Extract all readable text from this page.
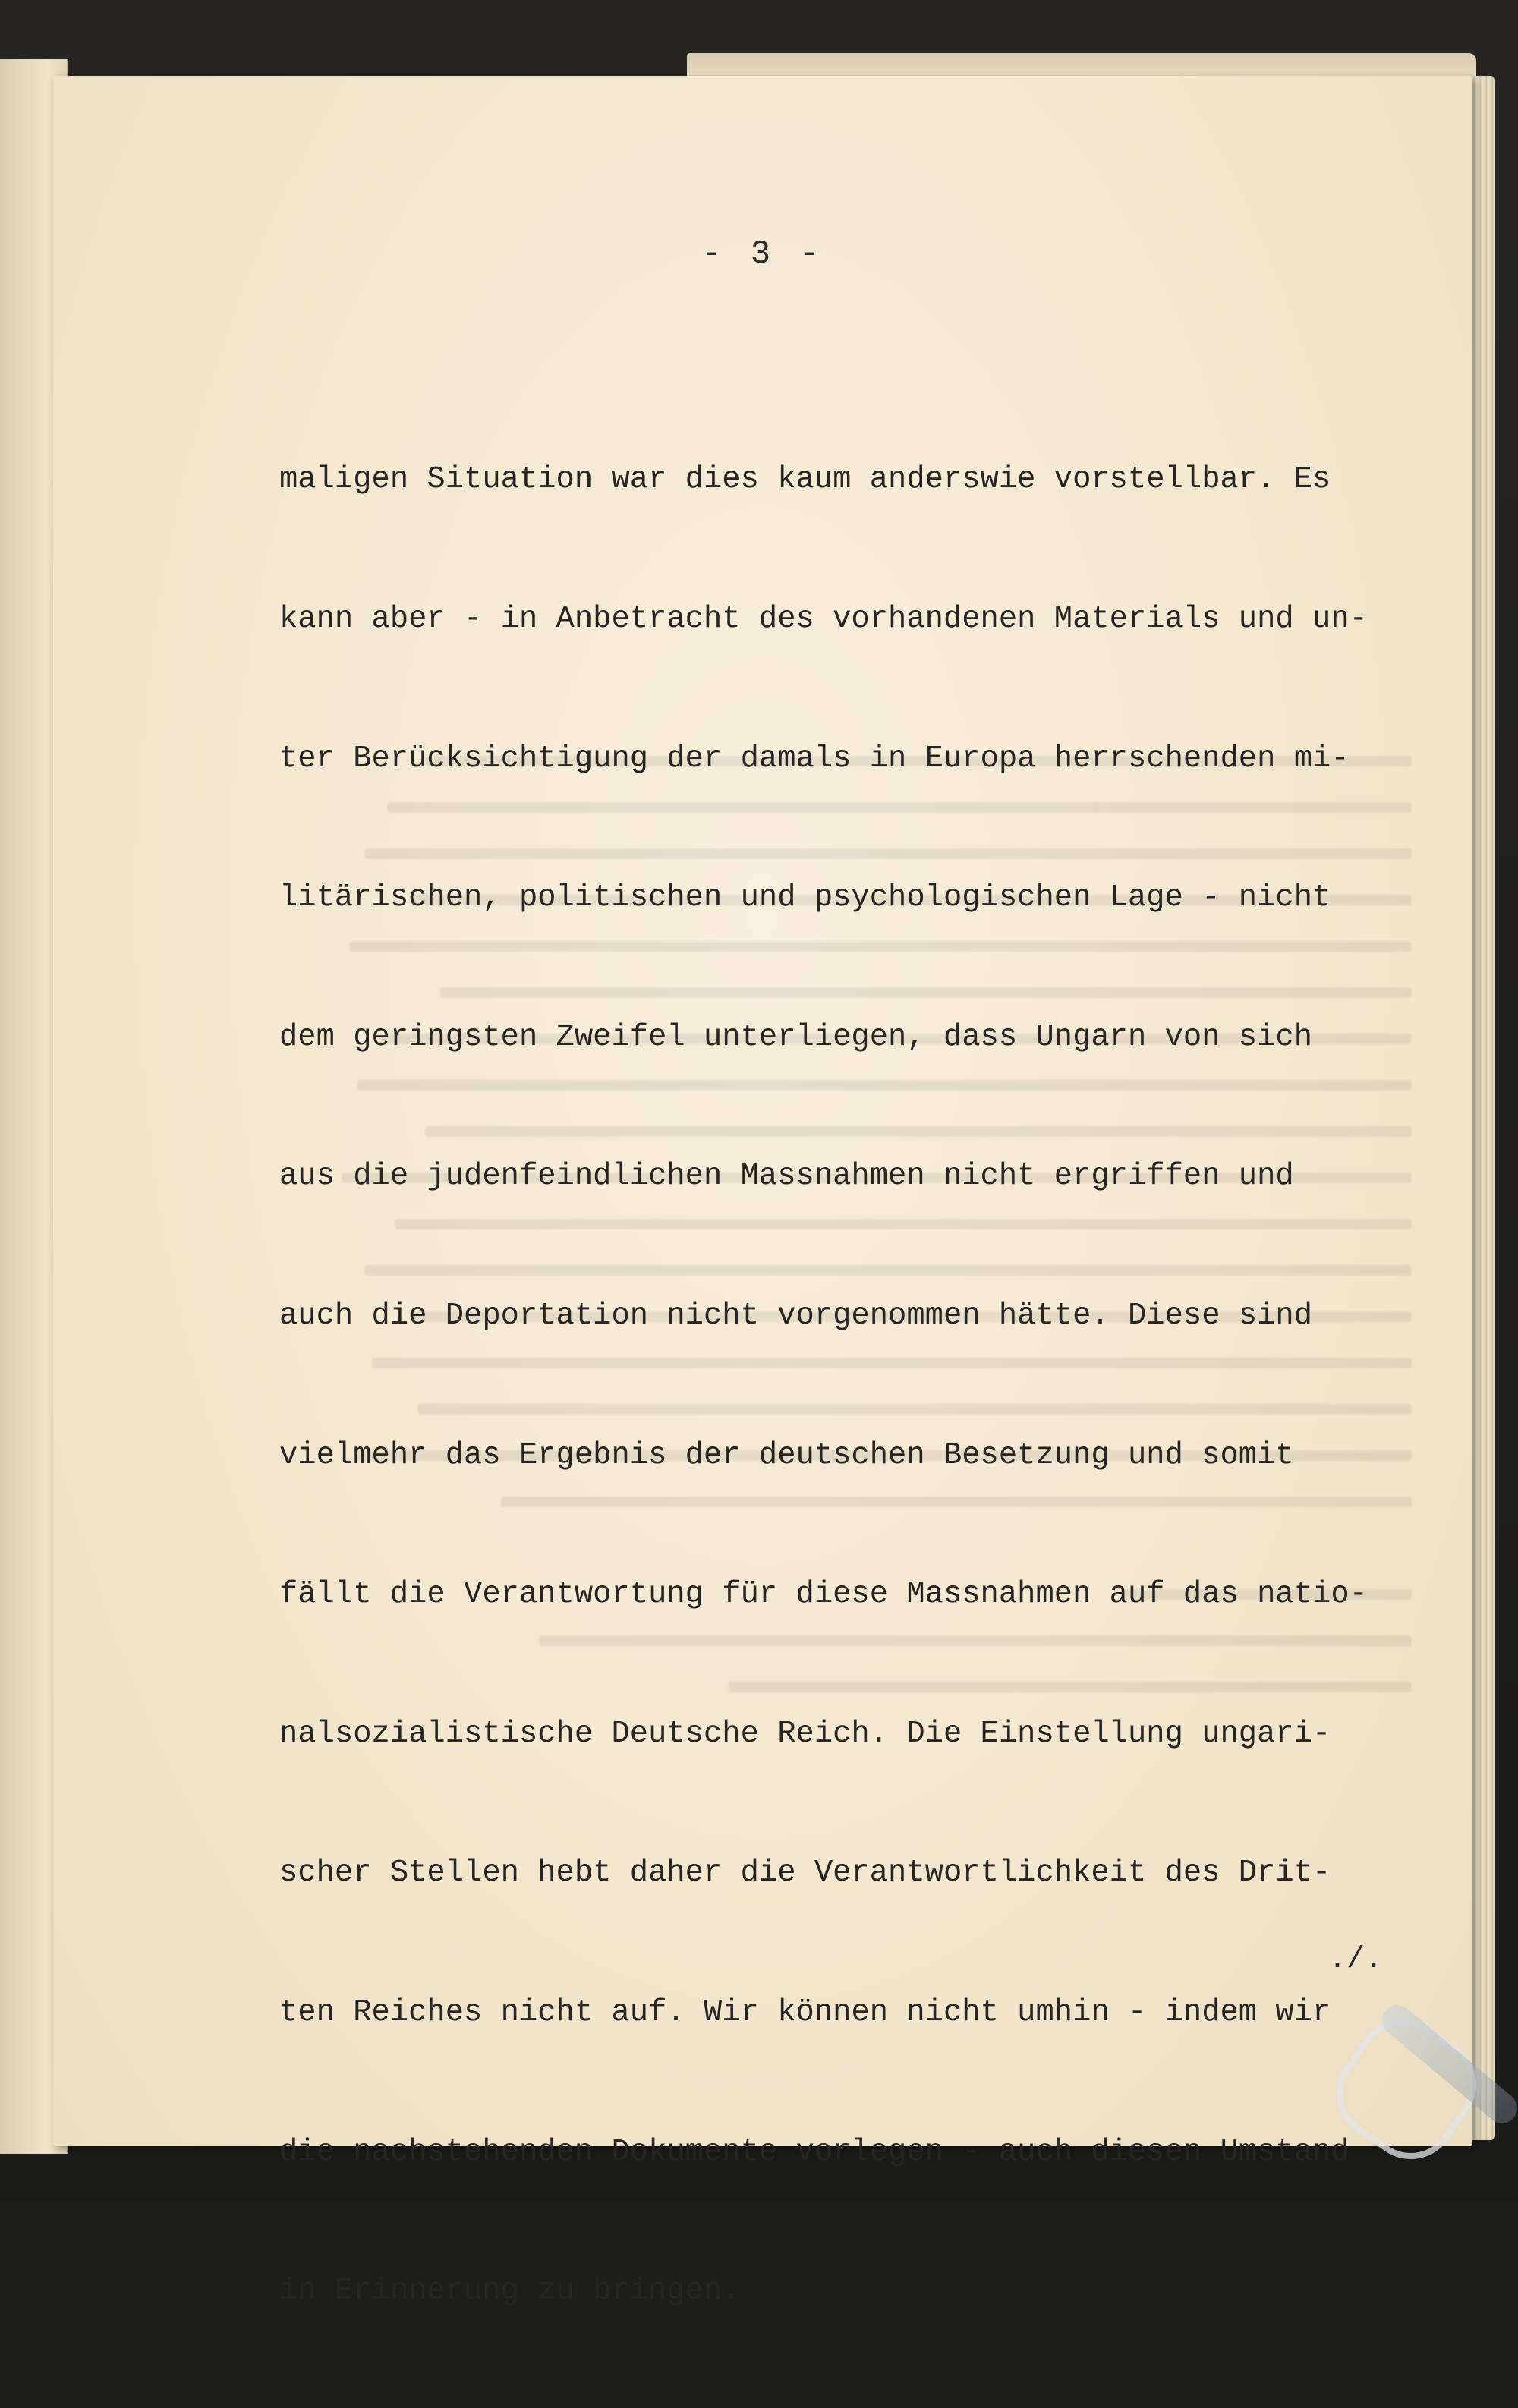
- 3 -

maligen Situation war dies kaum anderswie vorstellbar. Es

kann aber - in Anbetracht des vorhandenen Materials und un-

ter Berücksichtigung der damals in Europa herrschenden mi-

litärischen, politischen und psychologischen Lage - nicht

dem geringsten Zweifel unterliegen, dass Ungarn von sich

aus die judenfeindlichen Massnahmen nicht ergriffen und

auch die Deportation nicht vorgenommen hätte. Diese sind

vielmehr das Ergebnis der deutschen Besetzung und somit

fällt die Verantwortung für diese Massnahmen auf das natio-

nalsozialistische Deutsche Reich. Die Einstellung ungari-

scher Stellen hebt daher die Verantwortlichkeit des Drit-

ten Reiches nicht auf. Wir können nicht umhin - indem wir

die nachstehenden Dokumente vorlegen - auch diesen Umstand

in Erinnerung zu bringen.

./.
